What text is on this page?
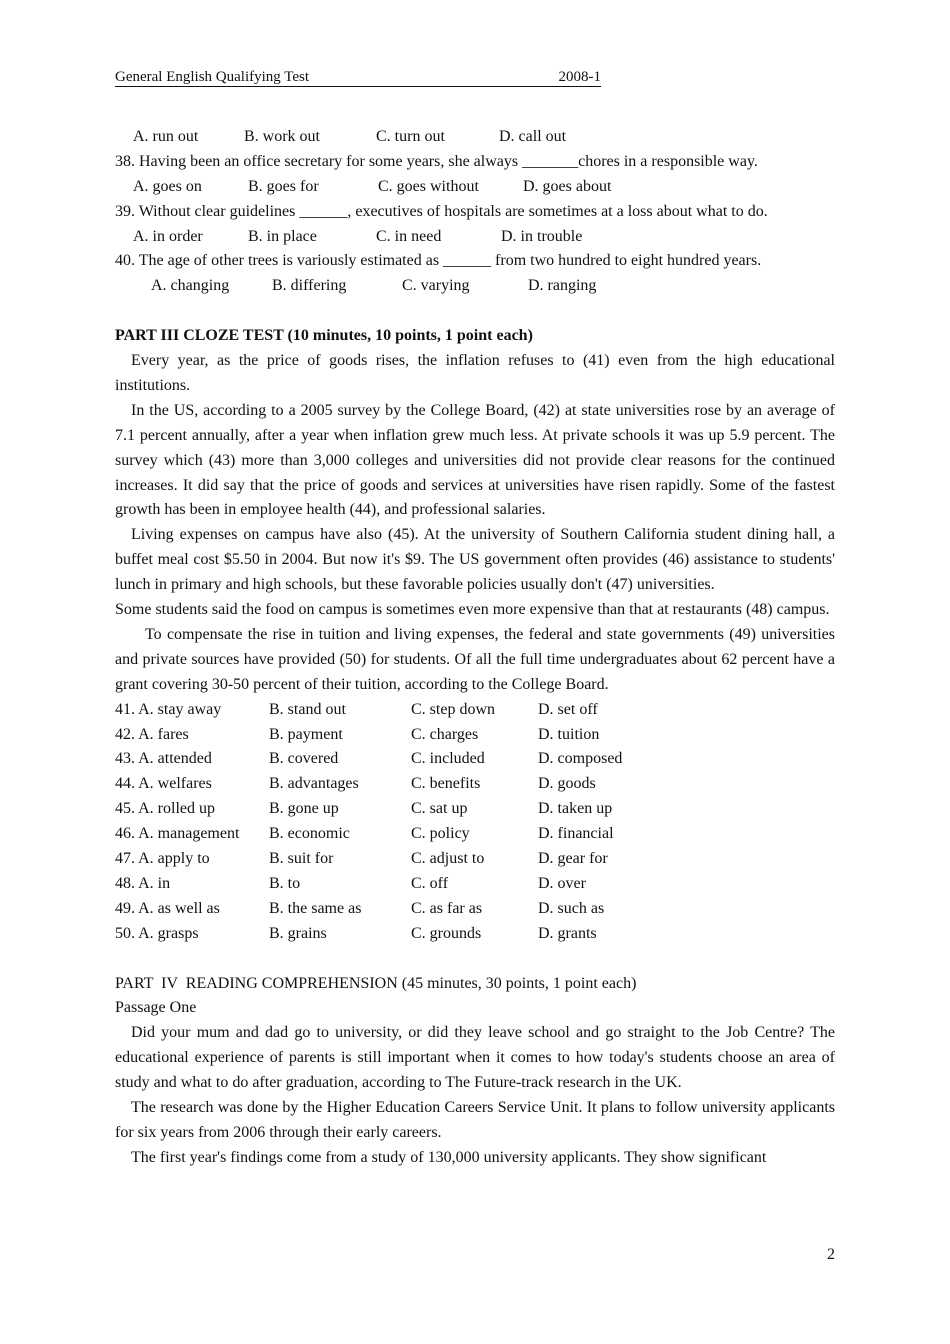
General English Qualifying Test	2008-1
A. run out	B. work out	C. turn out	D. call out
38. Having been an office secretary for some years, she always _______chores in a responsible way.
A. goes on	B. goes for	C. goes without	D. goes about
39. Without clear guidelines ______, executives of hospitals are sometimes at a loss about what to do.
A. in order	B. in place	C. in need	D. in trouble
40. The age of other trees is variously estimated as ______ from two hundred to eight hundred years.
A. changing	B. differing	C. varying	D. ranging
PART III CLOZE TEST (10 minutes, 10 points, 1 point each)
Every year, as the price of goods rises, the inflation refuses to (41) even from the high educational institutions.
In the US, according to a 2005 survey by the College Board, (42) at state universities rose by an average of 7.1 percent annually, after a year when inflation grew much less. At private schools it was up 5.9 percent. The survey which (43) more than 3,000 colleges and universities did not provide clear reasons for the continued increases. It did say that the price of goods and services at universities have risen rapidly. Some of the fastest growth has been in employee health (44), and professional salaries.
Living expenses on campus have also (45). At the university of Southern California student dining hall, a buffet meal cost $5.50 in 2004. But now it's $9. The US government often provides (46) assistance to students' lunch in primary and high schools, but these favorable policies usually don't (47) universities.
Some students said the food on campus is sometimes even more expensive than that at restaurants (48) campus.
To compensate the rise in tuition and living expenses, the federal and state governments (49) universities and private sources have provided (50) for students. Of all the full time undergraduates about 62 percent have a grant covering 30-50 percent of their tuition, according to the College Board.
41. A. stay away	B. stand out	C. step down	D. set off
42. A. fares	B. payment	C. charges	D. tuition
43. A. attended	B. covered	C. included	D. composed
44. A. welfares	B. advantages	C. benefits	D. goods
45. A. rolled up	B. gone up	C. sat up	D. taken up
46. A. management B. economic	C. policy	D. financial
47. A. apply to	B. suit for	C. adjust to	D. gear for
48. A. in	B. to	C. off	D. over
49. A. as well as	B. the same as	C. as far as	D. such as
50. A. grasps	B. grains	C. grounds	D. grants
PART  IV  READING COMPREHENSION (45 minutes, 30 points, 1 point each)
Passage One
Did your mum and dad go to university, or did they leave school and go straight to the Job Centre? The educational experience of parents is still important when it comes to how today's students choose an area of study and what to do after graduation, according to The Future-track research in the UK.
The research was done by the Higher Education Careers Service Unit. It plans to follow university applicants for six years from 2006 through their early careers.
The first year's findings come from a study of 130,000 university applicants. They show significant
2
